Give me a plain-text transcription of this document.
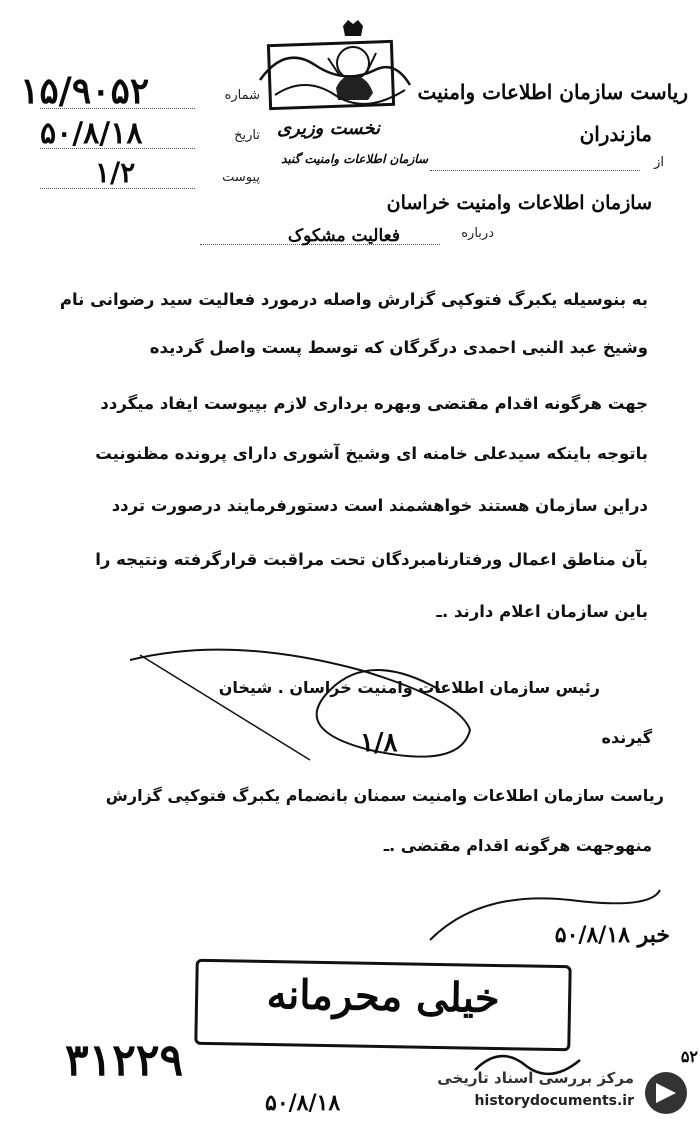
شماره
تاریخ
پیوست
۱۵/۹۰۵۲
۵۰/۸/۱۸
۱/۲
ریاست سازمان اطلاعات وامنیت
مازندران
نخست وزیری
از
سازمان اطلاعات وامنیت گنبد
سازمان اطلاعات وامنیت خراسان
درباره
فعالیت مشکوک
به بنوسیله یکبرگ فتوکپی گزارش واصله درمورد فعالیت سید رضوانی نام
وشیخ عبد النبی احمدی درگرگان که توسط پست واصل گردیده
جهت هرگونه اقدام مقتضی وبهره برداری لازم بپیوست ایفاد میگردد
باتوجه باینکه سیدعلی خامنه ای وشیخ آشوری دارای پرونده مظنونیت
دراین سازمان هستند خواهشمند است دستورفرمایند درصورت تردد
بآن مناطق اعمال ورفتارنامبردگان تحت مراقبت قرارگرفته ونتیجه را
باین سازمان اعلام دارند .ـ
رئیس سازمان اطلاعات وامنیت خراسان . شیخان
۱/۸	گیرنده
ریاست سازمان اطلاعات وامنیت سمنان بانضمام یکبرگ فتوکپی گزارش
منهوجهت هرگونه اقدام مقتضی .ـ
خبر ۵۰/۸/۱۸
خیلی محرمانه
۳۱۲۲۹
۵۰/۸/۱۸
مرکز بررسی اسناد تاریخی
historydocuments.ir
۵۲
